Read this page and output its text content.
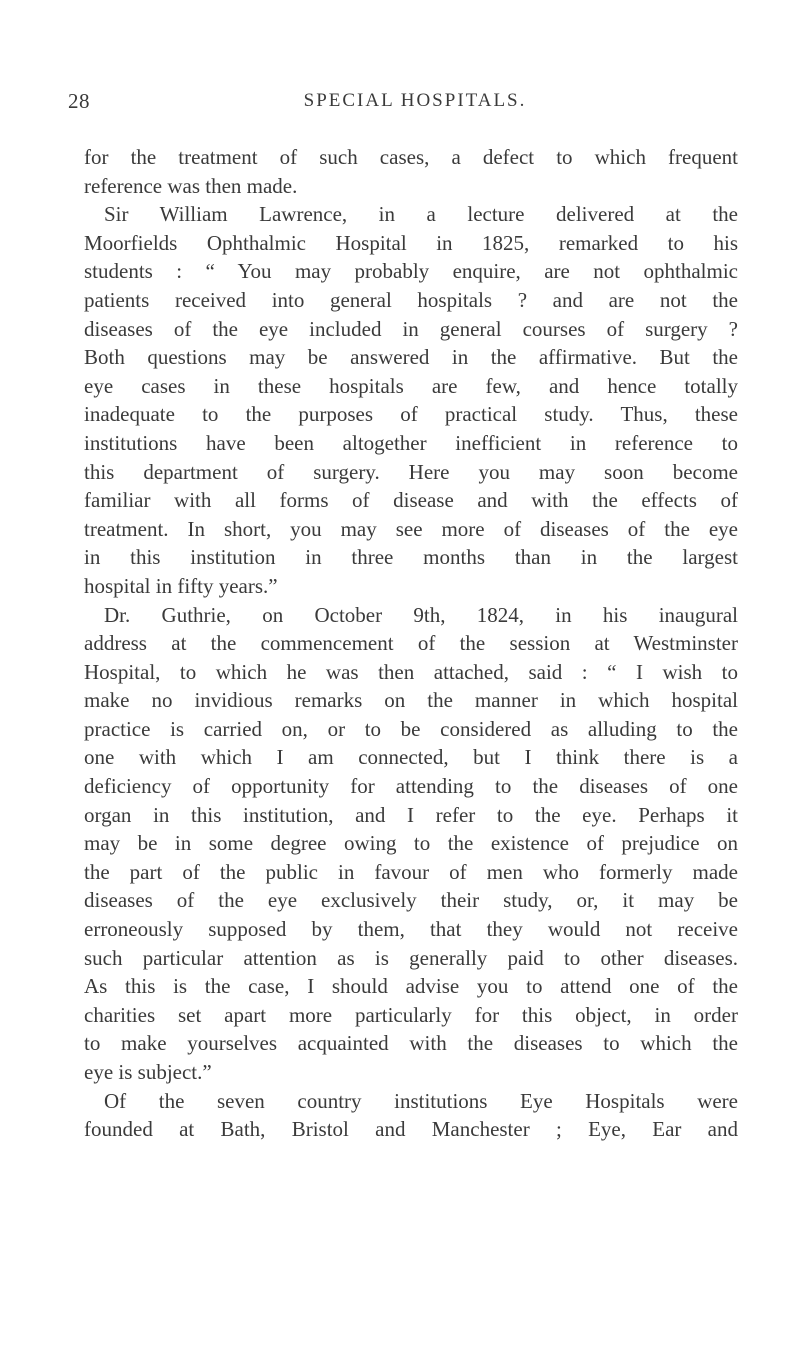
28	SPECIAL HOSPITALS.
for the treatment of such cases, a defect to which frequent
reference was then made.
Sir William Lawrence, in a lecture delivered at the
Moorfields Ophthalmic Hospital in 1825, remarked to his
students : “ You may probably enquire, are not ophthalmic
patients received into general hospitals ? and are not the
diseases of the eye included in general courses of surgery ?
Both questions may be answered in the affirmative. But the
eye cases in these hospitals are few, and hence totally
inadequate to the purposes of practical study. Thus, these
institutions have been altogether inefficient in reference to
this department of surgery. Here you may soon become
familiar with all forms of disease and with the effects of
treatment. In short, you may see more of diseases of the eye
in this institution in three months than in the largest
hospital in fifty years.”
Dr. Guthrie, on October 9th, 1824, in his inaugural
address at the commencement of the session at Westminster
Hospital, to which he was then attached, said : “ I wish to
make no invidious remarks on the manner in which hospital
practice is carried on, or to be considered as alluding to the
one with which I am connected, but I think there is a
deficiency of opportunity for attending to the diseases of one
organ in this institution, and I refer to the eye. Perhaps it
may be in some degree owing to the existence of prejudice on
the part of the public in favour of men who formerly made
diseases of the eye exclusively their study, or, it may be
erroneously supposed by them, that they would not receive
such particular attention as is generally paid to other diseases.
As this is the case, I should advise you to attend one of the
charities set apart more particularly for this object, in order
to make yourselves acquainted with the diseases to which the
eye is subject.”
Of the seven country institutions Eye Hospitals were
founded at Bath, Bristol and Manchester ; Eye, Ear and
